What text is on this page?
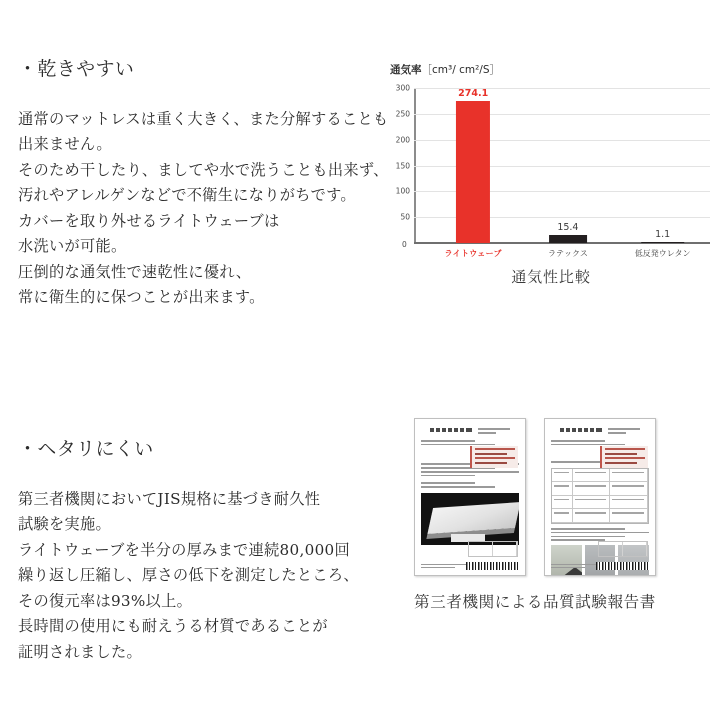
・乾きやすい
通常のマットレスは重く大きく、また分解することも
出来ません。
そのため干したり、ましてや水で洗うことも出来ず、
汚れやアレルゲンなどで不衛生になりがちです。
カバーを取り外せるライトウェーブは
水洗いが可能。
圧倒的な通気性で速乾性に優れ、
常に衛生的に保つことが出来ます。
通気率［cm³/ cm²/S］
300
250
200
150
100
50
274.1
ライトウェーブ
15.4
ラテックス
1.1
低反発ウレタン
0
通気性比較
・ヘタリにくい
第三者機関においてJIS規格に基づき耐久性
試験を実施。
ライトウェーブを半分の厚みまで連続80,000回
繰り返し圧縮し、厚さの低下を測定したところ、
その復元率は93%以上。
長時間の使用にも耐えうる材質であることが
証明されました。
第三者機関による品質試験報告書
